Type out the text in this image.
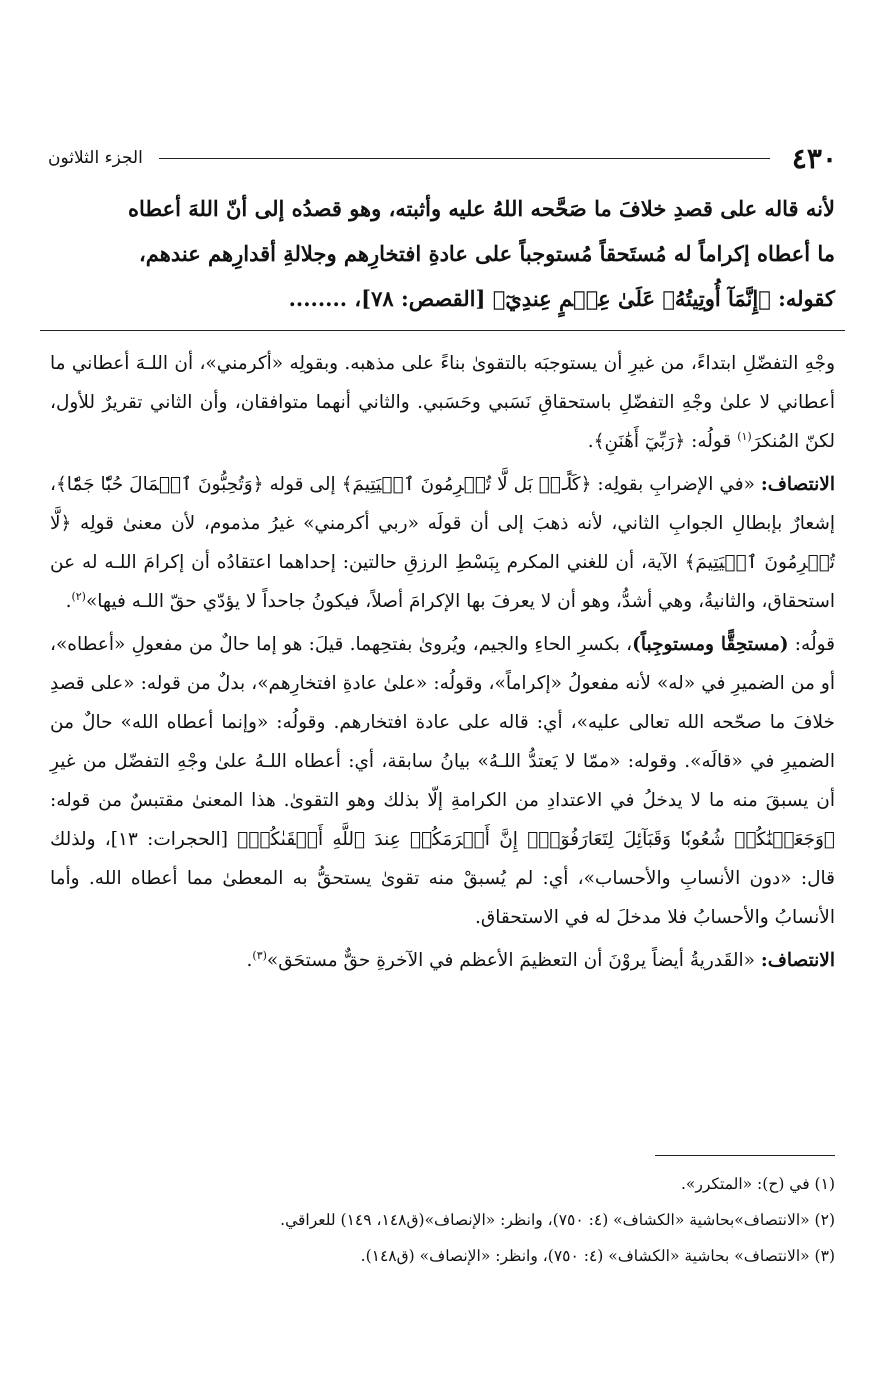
٤٣٠
الجزء الثلاثون
لأنه قاله على قصدِ خلافَ ما صَحَّحه اللهُ عليه وأثبته، وهو قصدُه إلى أنّ اللهَ أعطاه
ما أعطاه إكراماً له مُستَحقاً مُستوجباً على عادةِ افتخارِهم وجلالةِ أقدارِهم عندهم،
كقوله: ﴿إِنَّمَآ أُوتِيتُهُۥ عَلَىٰ عِلۡمٍ عِندِيٓ﴾ [القصص: ٧٨]، ........

وجْهِ التفضّلِ ابتداءً، من غيرِ أن يستوجبَه بالتقوىٰ بناءً على مذهبه. وبقولِه «أكرمني»، أن اللـهَ أعطاني ما أعطاني لا علىٰ وجْهِ التفضّلِ باستحقاقِ نَسَبي وحَسَبي. والثاني أنهما متوافقان، وأن الثاني تقريرٌ للأول، لكنّ المُنكرَ$^{(١)}$ قولُه: ﴿رَبِّيٓ أَهَٰنَنِ﴾.

الانتصاف: «في الإضرابِ بقولِه: ﴿كَلَّاۖ بَل لَّا تُكۡرِمُونَ ٱلۡيَتِيمَ﴾ إلى قوله ﴿وَتُحِبُّونَ ٱلۡمَالَ حُبّٗا جَمّٗا﴾، إشعارٌ بإبطالِ الجوابِ الثاني، لأنه ذهبَ إلى أن قولَه «ربي أكرمني» غيرُ مذموم، لأن معنىٰ قولِه ﴿لَّا تُكۡرِمُونَ ٱلۡيَتِيمَ﴾ الآية، أن للغني المكرم بِبَسْطِ الرزقِ حالتين: إحداهما اعتقادُه أن إكرامَ اللـه له عن استحقاق، والثانيةُ، وهي أشدُّ، وهو أن لا يعرفَ بها الإكرامَ أصلاً، فيكونُ جاحداً لا يؤدّي حقّ اللـه فيها»$^{(٢)}$.

قولُه: (مستحِقًّا ومستوجِباً)، بكسرِ الحاءِ والجيم، ويُروىٰ بفتحِهما. قيلَ: هو إما حالٌ من مفعولِ «أعطاه»، أو من الضميرِ في «له» لأنه مفعولُ «إكراماً»، وقولُه: «علىٰ عادةِ افتخارِهم»، بدلٌ من قوله: «على قصدِ خلافَ ما صحّحه الله تعالى عليه»، أي: قاله على عادة افتخارهم. وقولُه: «وإنما أعطاه الله» حالٌ من الضميرِ في «قالَه». وقوله: «ممّا لا يَعتدُّ اللـهُ» بيانُ سابقة، أي: أعطاه اللـهُ علىٰ وجْهِ التفضّل من غيرِ أن يسبقَ منه ما لا يدخلُ في الاعتدادِ من الكرامةِ إلّا بذلك وهو التقوىٰ. هذا المعنىٰ مقتبسٌ من قوله: ﴿وَجَعَلۡنَٰكُمۡ شُعُوبٗا وَقَبَآئِلَ لِتَعَارَفُوٓاْۚ إِنَّ أَكۡرَمَكُمۡ عِندَ ٱللَّهِ أَتۡقَىٰكُمۡ﴾ [الحجرات: ١٣]، ولذلك قال: «دون الأنسابِ والأحساب»، أي: لم يُسبقْ منه تقوىٰ يستحقُّ به المعطىٰ مما أعطاه الله. وأما الأنسابُ والأحسابُ فلا مدخلَ له في الاستحقاق.

الانتصاف: «القَدريةُ أيضاً يروْنَ أن التعظيمَ الأعظم في الآخرةِ حقٌّ مستحَق»$^{(٣)}$.

(١) في (ح): «المتكرر».
(٢) «الانتصاف»بحاشية «الكشاف» (٤: ٧٥٠)، وانظر: «الإنصاف»(ق١٤٨، ١٤٩) للعراقي.
(٣) «الانتصاف» بحاشية «الكشاف» (٤: ٧٥٠)، وانظر: «الإنصاف» (ق١٤٨).
